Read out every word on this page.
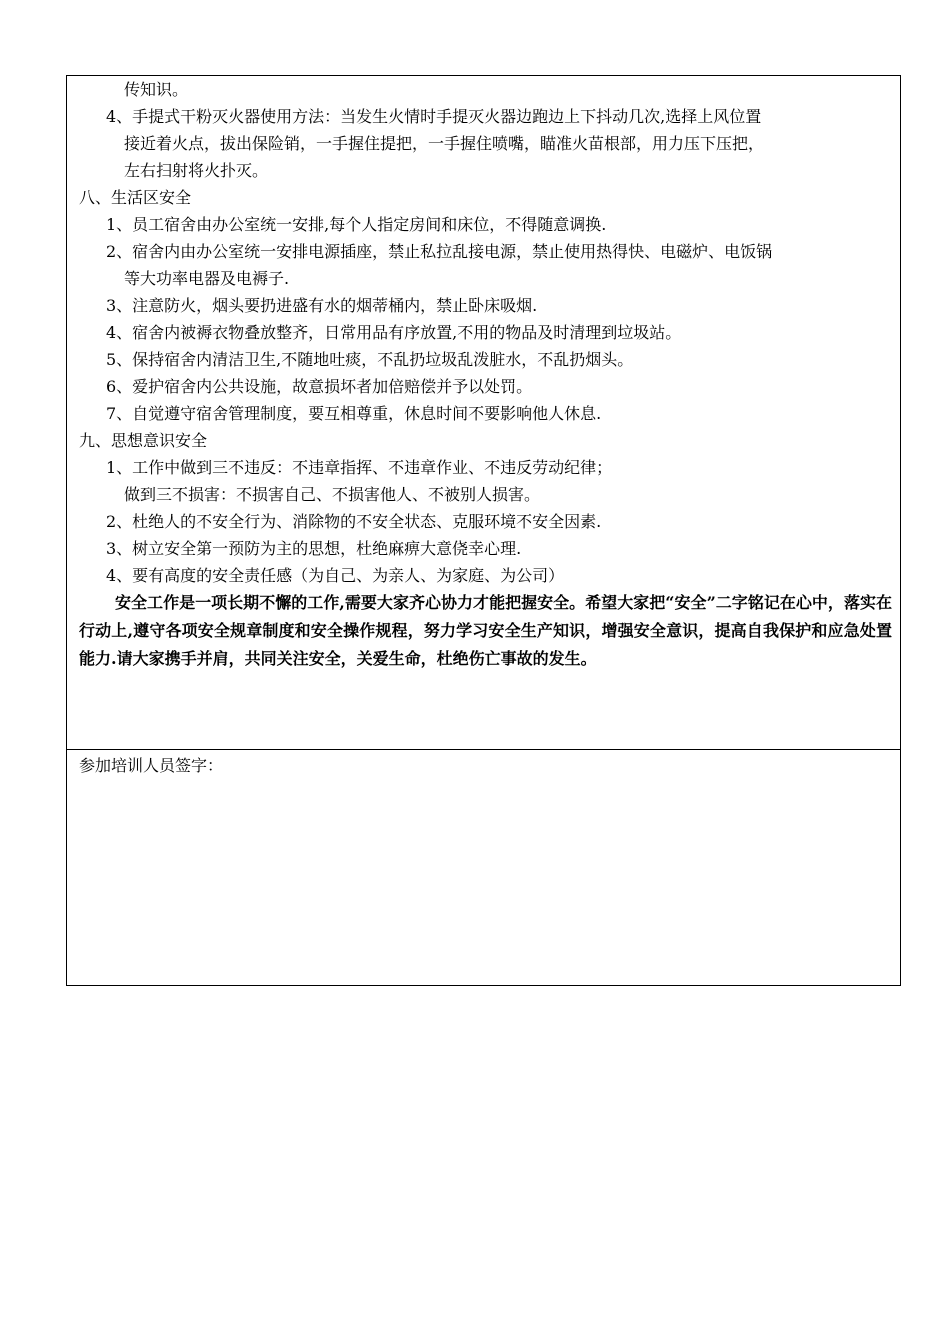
传知识。
4、手提式干粉灭火器使用方法：当发生火情时手提灭火器边跑边上下抖动几次,选择上风位置
接近着火点，拔出保险销，一手握住提把，一手握住喷嘴，瞄准火苗根部，用力压下压把，
左右扫射将火扑灭。
八、生活区安全
1、员工宿舍由办公室统一安排,每个人指定房间和床位，不得随意调换.
2、宿舍内由办公室统一安排电源插座，禁止私拉乱接电源，禁止使用热得快、电磁炉、电饭锅
等大功率电器及电褥子.
3、注意防火，烟头要扔进盛有水的烟蒂桶内，禁止卧床吸烟.
4、宿舍内被褥衣物叠放整齐，日常用品有序放置,不用的物品及时清理到垃圾站。
5、保持宿舍内清洁卫生,不随地吐痰，不乱扔垃圾乱泼脏水，不乱扔烟头。
6、爱护宿舍内公共设施，故意损坏者加倍赔偿并予以处罚。
7、自觉遵守宿舍管理制度，要互相尊重，休息时间不要影响他人休息.
九、思想意识安全
1、工作中做到三不违反：不违章指挥、不违章作业、不违反劳动纪律；
做到三不损害：不损害自己、不损害他人、不被别人损害。
2、杜绝人的不安全行为、消除物的不安全状态、克服环境不安全因素.
3、树立安全第一预防为主的思想，杜绝麻痹大意侥幸心理.
4、要有高度的安全责任感（为自己、为亲人、为家庭、为公司）
安全工作是一项长期不懈的工作,需要大家齐心协力才能把握安全。希望大家把“安全”二字铭记在心中，落实在行动上,遵守各项安全规章制度和安全操作规程，努力学习安全生产知识，增强安全意识，提高自我保护和应急处置能力.请大家携手并肩，共同关注安全，关爱生命，杜绝伤亡事故的发生。
参加培训人员签字：
